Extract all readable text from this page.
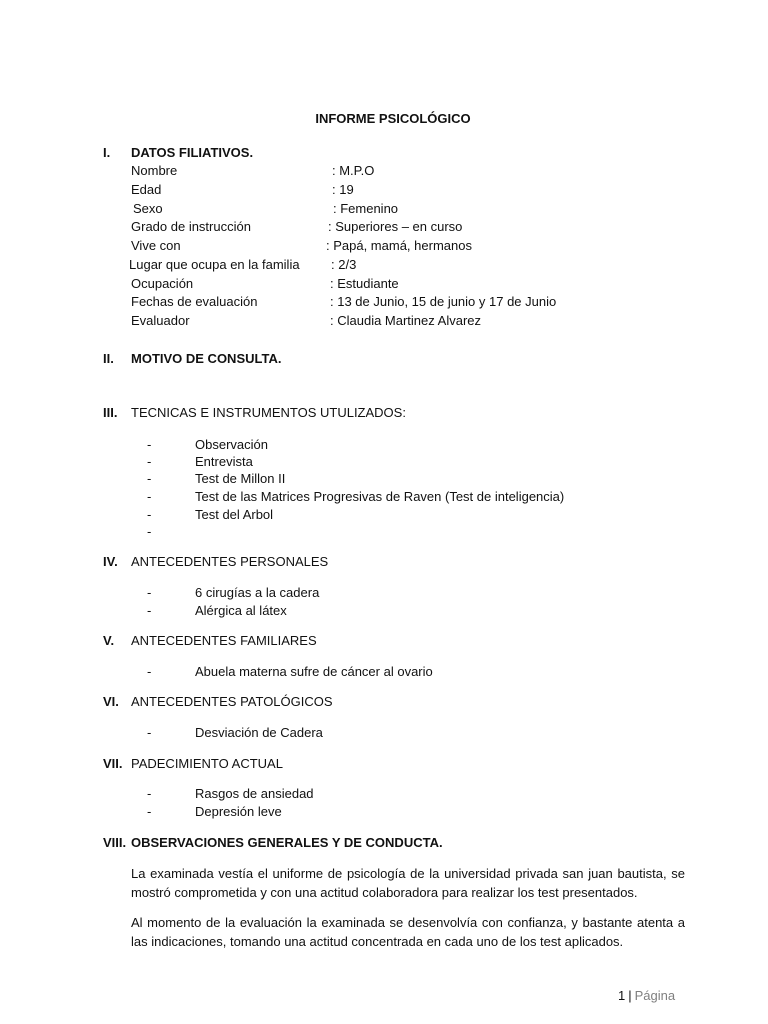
INFORME PSICOLÓGICO
I.	DATOS FILIATIVOS.
Nombre	: M.P.O
Edad	: 19
Sexo	: Femenino
Grado de instrucción	: Superiores – en curso
Vive con	: Papá, mamá, hermanos
Lugar que ocupa en la familia : 2/3
Ocupación	: Estudiante
Fechas de evaluación	: 13 de Junio, 15 de junio y 17 de Junio
Evaluador	: Claudia Martinez Alvarez
II.	MOTIVO DE CONSULTA.
III.	TECNICAS E INSTRUMENTOS UTULIZADOS:
-	Observación
-	Entrevista
-	Test de Millon II
-	Test de las Matrices Progresivas de Raven (Test de inteligencia)
-	Test del Arbol
-
IV.	ANTECEDENTES PERSONALES
-	6 cirugías a la cadera
-	Alérgica al látex
V.	ANTECEDENTES FAMILIARES
-	Abuela materna sufre de cáncer al ovario
VI. ANTECEDENTES PATOLÓGICOS
-	Desviación de Cadera
VII. PADECIMIENTO ACTUAL
-	Rasgos de ansiedad
-	Depresión leve
VIII. OBSERVACIONES GENERALES Y DE CONDUCTA.
La examinada vestía el uniforme de psicología de la universidad privada san juan bautista, se mostró comprometida y con una actitud colaboradora para realizar los test presentados.
Al momento de la evaluación la examinada se desenvolvía con confianza, y bastante atenta a las indicaciones, tomando una actitud concentrada en cada uno de los test aplicados.
1 | Página
